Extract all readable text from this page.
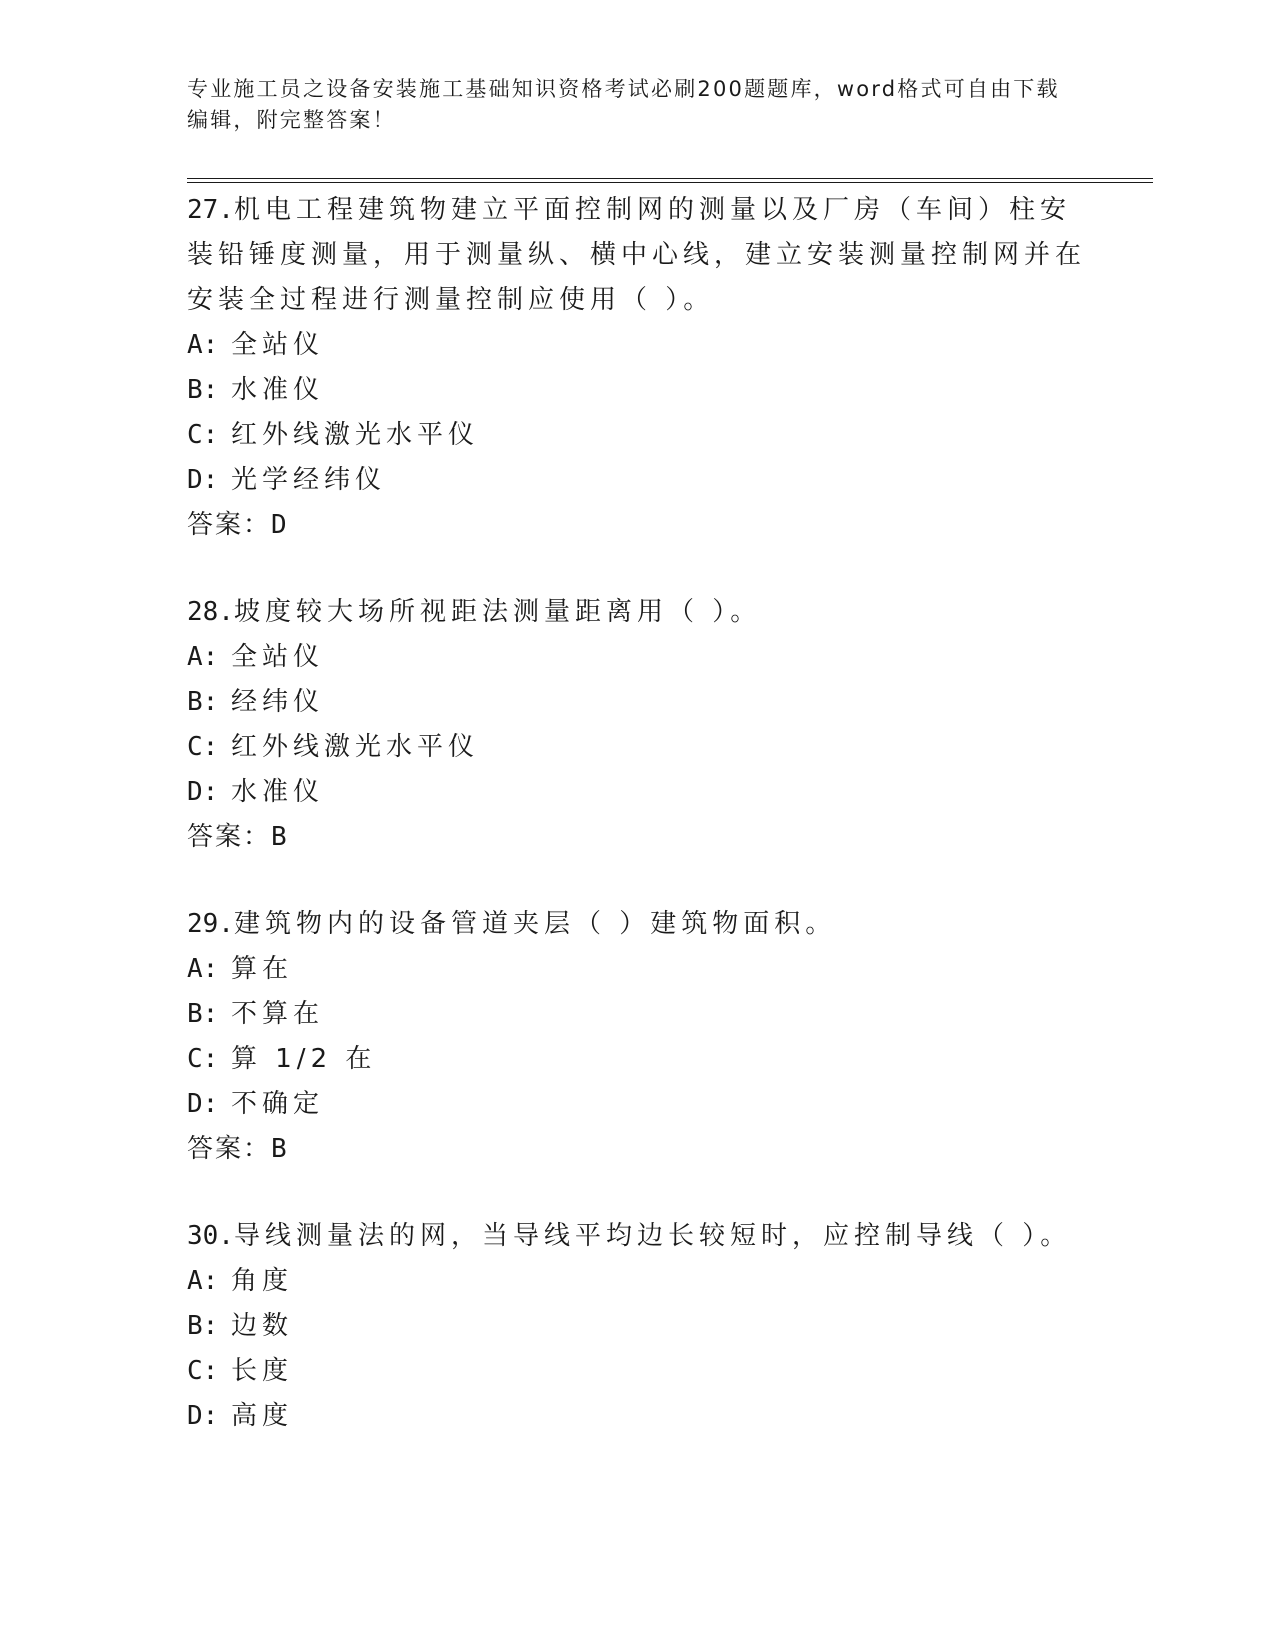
专业施工员之设备安装施工基础知识资格考试必刷200题题库，word格式可自由下载编辑，附完整答案！
27.机电工程建筑物建立平面控制网的测量以及厂房（车间）柱安装铅锤度测量，用于测量纵、横中心线，建立安装测量控制网并在安装全过程进行测量控制应使用（ ）。
A: 全站仪
B: 水准仪
C: 红外线激光水平仪
D: 光学经纬仪
答案：D
28.坡度较大场所视距法测量距离用（ ）。
A: 全站仪
B: 经纬仪
C: 红外线激光水平仪
D: 水准仪
答案：B
29.建筑物内的设备管道夹层（ ）建筑物面积。
A: 算在
B: 不算在
C: 算 1/2 在
D: 不确定
答案：B
30.导线测量法的网，当导线平均边长较短时，应控制导线（ ）。
A: 角度
B: 边数
C: 长度
D: 高度
